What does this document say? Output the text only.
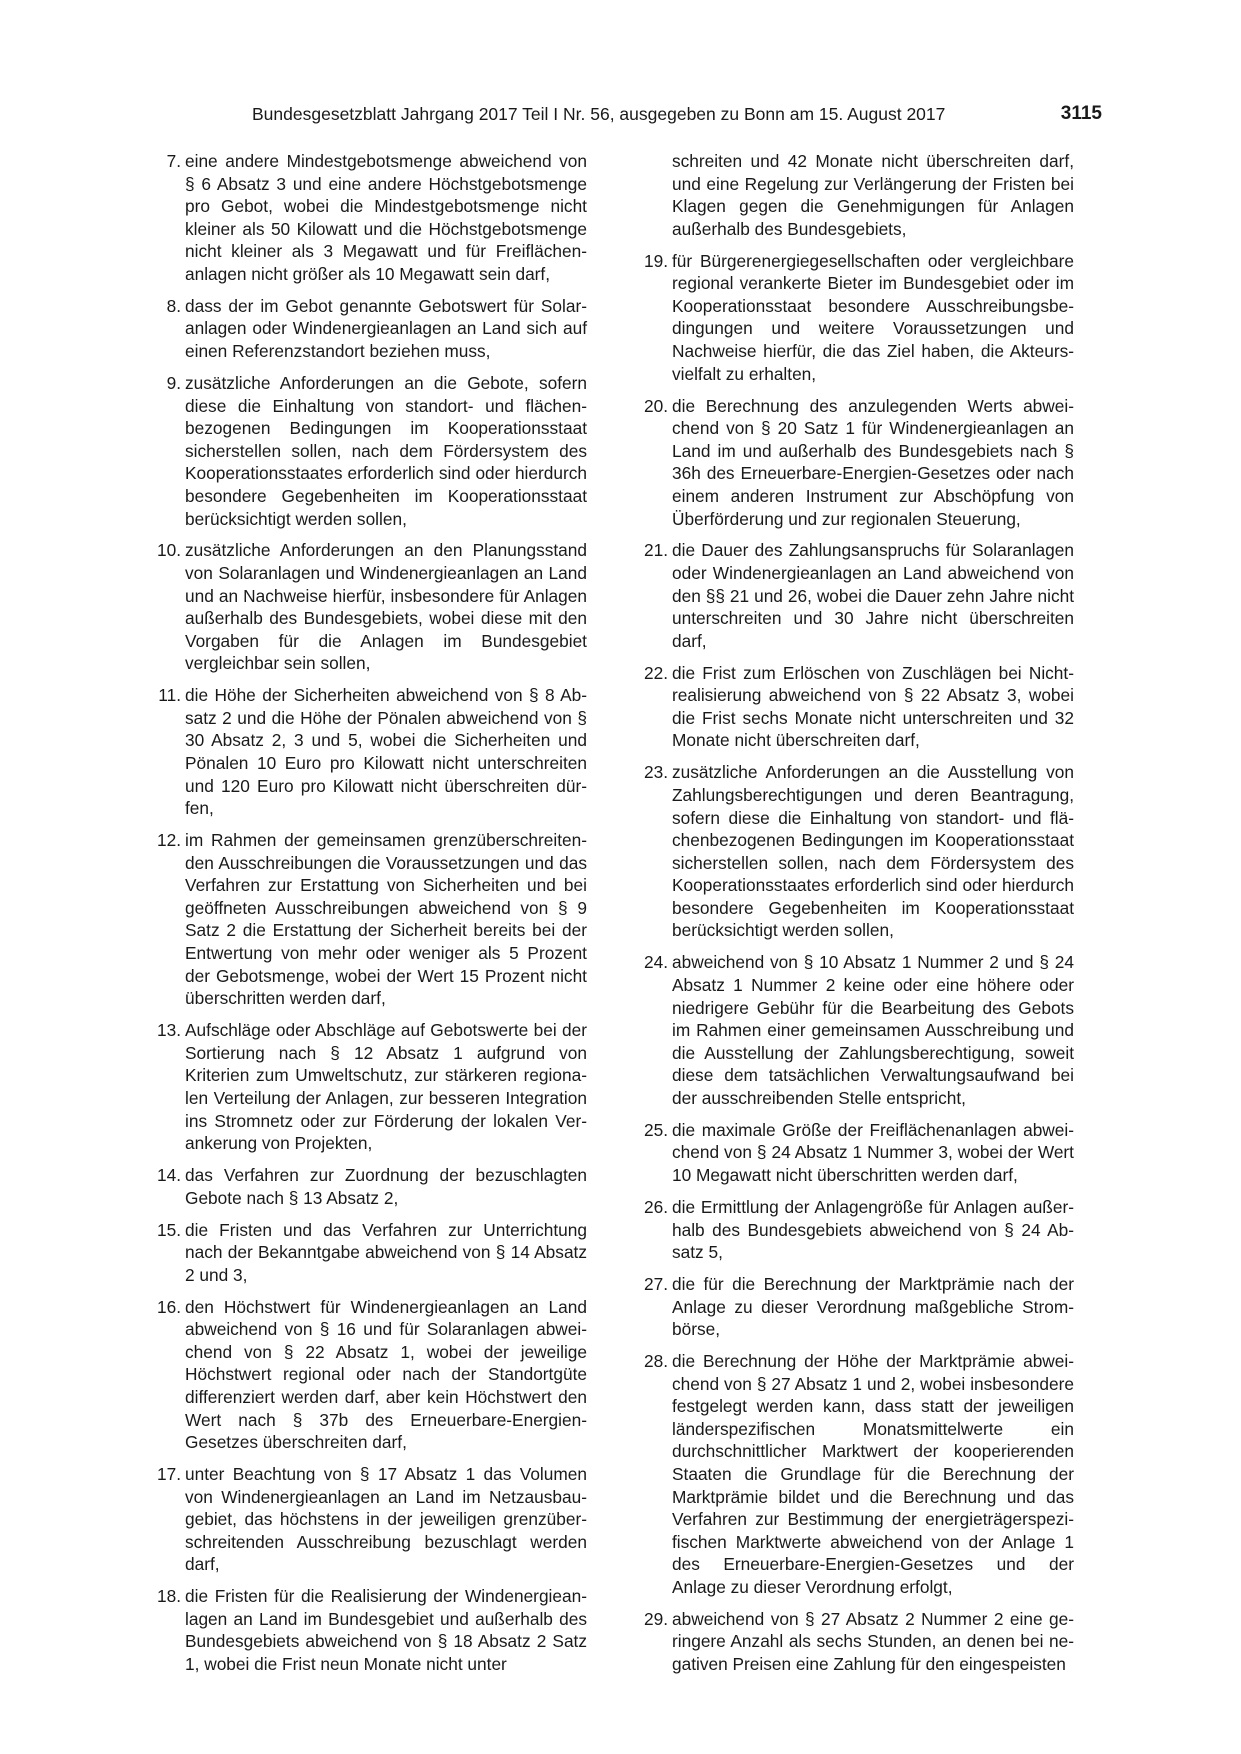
Bundesgesetzblatt Jahrgang 2017 Teil I Nr. 56, ausgegeben zu Bonn am 15. August 2017	3115
7. eine andere Mindestgebotsmenge abweichend von § 6 Absatz 3 und eine andere Höchstgebotsmenge pro Gebot, wobei die Mindestgebotsmenge nicht kleiner als 50 Kilowatt und die Höchstgebotsmenge nicht kleiner als 3 Megawatt und für Freiflächenanlagen nicht größer als 10 Megawatt sein darf,
8. dass der im Gebot genannte Gebotswert für Solaranlagen oder Windenergieanlagen an Land sich auf einen Referenzstandort beziehen muss,
9. zusätzliche Anforderungen an die Gebote, sofern diese die Einhaltung von standort- und flächenbezogenen Bedingungen im Kooperationsstaat sicherstellen sollen, nach dem Fördersystem des Kooperationsstaates erforderlich sind oder hierdurch besondere Gegebenheiten im Kooperationsstaat berücksichtigt werden sollen,
10. zusätzliche Anforderungen an den Planungsstand von Solaranlagen und Windenergieanlagen an Land und an Nachweise hierfür, insbesondere für Anlagen außerhalb des Bundesgebiets, wobei diese mit den Vorgaben für die Anlagen im Bundesgebiet vergleichbar sein sollen,
11. die Höhe der Sicherheiten abweichend von § 8 Absatz 2 und die Höhe der Pönalen abweichend von § 30 Absatz 2, 3 und 5, wobei die Sicherheiten und Pönalen 10 Euro pro Kilowatt nicht unterschreiten und 120 Euro pro Kilowatt nicht überschreiten dürfen,
12. im Rahmen der gemeinsamen grenzüberschreitenden Ausschreibungen die Voraussetzungen und das Verfahren zur Erstattung von Sicherheiten und bei geöffneten Ausschreibungen abweichend von § 9 Satz 2 die Erstattung der Sicherheit bereits bei der Entwertung von mehr oder weniger als 5 Prozent der Gebotsmenge, wobei der Wert 15 Prozent nicht überschritten werden darf,
13. Aufschläge oder Abschläge auf Gebotswerte bei der Sortierung nach § 12 Absatz 1 aufgrund von Kriterien zum Umweltschutz, zur stärkeren regionalen Verteilung der Anlagen, zur besseren Integration ins Stromnetz oder zur Förderung der lokalen Verankerung von Projekten,
14. das Verfahren zur Zuordnung der bezuschlagten Gebote nach § 13 Absatz 2,
15. die Fristen und das Verfahren zur Unterrichtung nach der Bekanntgabe abweichend von § 14 Absatz 2 und 3,
16. den Höchstwert für Windenergieanlagen an Land abweichend von § 16 und für Solaranlagen abweichend von § 22 Absatz 1, wobei der jeweilige Höchstwert regional oder nach der Standortgüte differenziert werden darf, aber kein Höchstwert den Wert nach § 37b des Erneuerbare-Energien-Gesetzes überschreiten darf,
17. unter Beachtung von § 17 Absatz 1 das Volumen von Windenergieanlagen an Land im Netzausbaugebiet, das höchstens in der jeweiligen grenzüberschreitenden Ausschreibung bezuschlagt werden darf,
18. die Fristen für die Realisierung der Windenergieanlagen an Land im Bundesgebiet und außerhalb des Bundesgebiets abweichend von § 18 Absatz 2 Satz 1, wobei die Frist neun Monate nicht unter
schreiten und 42 Monate nicht überschreiten darf, und eine Regelung zur Verlängerung der Fristen bei Klagen gegen die Genehmigungen für Anlagen außerhalb des Bundesgebiets,
19. für Bürgerenergiegesellschaften oder vergleichbare regional verankerte Bieter im Bundesgebiet oder im Kooperationsstaat besondere Ausschreibungsbedingungen und weitere Voraussetzungen und Nachweise hierfür, die das Ziel haben, die Akteursvielfalt zu erhalten,
20. die Berechnung des anzulegenden Werts abweichend von § 20 Satz 1 für Windenergieanlagen an Land im und außerhalb des Bundesgebiets nach § 36h des Erneuerbare-Energien-Gesetzes oder nach einem anderen Instrument zur Abschöpfung von Überförderung und zur regionalen Steuerung,
21. die Dauer des Zahlungsanspruchs für Solaranlagen oder Windenergieanlagen an Land abweichend von den §§ 21 und 26, wobei die Dauer zehn Jahre nicht unterschreiten und 30 Jahre nicht überschreiten darf,
22. die Frist zum Erlöschen von Zuschlägen bei Nichtrealisierung abweichend von § 22 Absatz 3, wobei die Frist sechs Monate nicht unterschreiten und 32 Monate nicht überschreiten darf,
23. zusätzliche Anforderungen an die Ausstellung von Zahlungsberechtigungen und deren Beantragung, sofern diese die Einhaltung von standort- und flächenbezogenen Bedingungen im Kooperationsstaat sicherstellen sollen, nach dem Fördersystem des Kooperationsstaates erforderlich sind oder hierdurch besondere Gegebenheiten im Kooperationsstaat berücksichtigt werden sollen,
24. abweichend von § 10 Absatz 1 Nummer 2 und § 24 Absatz 1 Nummer 2 keine oder eine höhere oder niedrigere Gebühr für die Bearbeitung des Gebots im Rahmen einer gemeinsamen Ausschreibung und die Ausstellung der Zahlungsberechtigung, soweit diese dem tatsächlichen Verwaltungsaufwand bei der ausschreibenden Stelle entspricht,
25. die maximale Größe der Freiflächenanlagen abweichend von § 24 Absatz 1 Nummer 3, wobei der Wert 10 Megawatt nicht überschritten werden darf,
26. die Ermittlung der Anlagengröße für Anlagen außerhalb des Bundesgebiets abweichend von § 24 Absatz 5,
27. die für die Berechnung der Marktprämie nach der Anlage zu dieser Verordnung maßgebliche Strombörse,
28. die Berechnung der Höhe der Marktprämie abweichend von § 27 Absatz 1 und 2, wobei insbesondere festgelegt werden kann, dass statt der jeweiligen länderspezifischen Monatsmittelwerte ein durchschnittlicher Marktwert der kooperierenden Staaten die Grundlage für die Berechnung der Marktprämie bildet und die Berechnung und das Verfahren zur Bestimmung der energieträgerspezifischen Marktwerte abweichend von der Anlage 1 des Erneuerbare-Energien-Gesetzes und der Anlage zu dieser Verordnung erfolgt,
29. abweichend von § 27 Absatz 2 Nummer 2 eine geringere Anzahl als sechs Stunden, an denen bei negativen Preisen eine Zahlung für den eingespeisten
